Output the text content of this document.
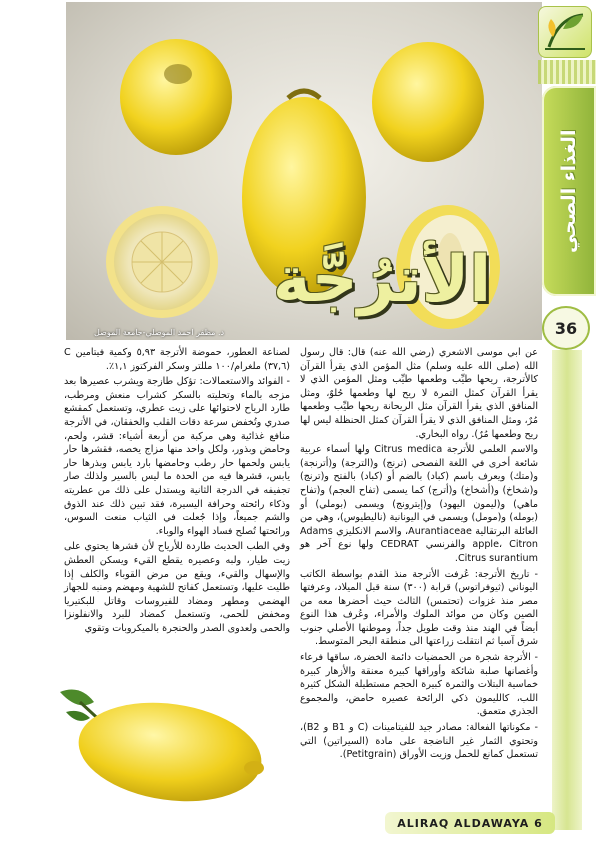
د. مظفر احمد الموصلي-جامعة الموصل
الأترُجَّة
الغذاء الصحي
36

عن ابي موسى الاشعري (رضي الله عنه) قال: قال رسول الله (صلى الله عليه وسلم) مثل المؤمن الذي يقرأ القرآن كالأترجة، ريحها طيِّب وطعمها طيِّب ومثل المؤمن الذي لا يقرأ القرآن كمثل التمرة لا ريح لها وطعمها حُلوٌ، ومثل المنافق الذي يقرأ القرآن مثل الريحانة ريحها طيِّب وطعمها مُرٌ، ومثل المنافق الذي لا يقرأ القرآن كمثل الحنظلة ليس لها ريح وطعمها مُرٌ). رواه البخاري.

والاسم العلمي للأترجة Citrus medica ولها أسماء عربية شائعة أخرى في اللغة الفصحى (ترنج) و(الترجة) و(أترنجة) و(متك) ويعرف باسم (كباد) بالضم أو (كباد) بالفتح و(ترنج) و(شخاخ) و(أشخاخ) و(أترج) كما يسمى (تفاح العجم) و(تفاح ماهي) و(ليمون اليهود) و(إيترونج) ويسمى (بوملي) أو (بومله) و(مومل) ويسمى في اليونانية (ناليطيوس)، وهي من العائلة البرتقالية Aurantiaceae، والاسم الانكليزي Adams apple، Citron والفرنسي CEDRAT ولها نوع آخر هو Citrus surantium.

- تاريخ الأترجة: عُرفت الأترجة منذ القدم بواسطة الكاتب اليوناني (ثيوفراتوس) قرابة (٣٠٠) سنة قبل الميلاد، وعرفتها مصر منذ غزوات (تحتمس) الثالث حيث أحضرها معه من الصين وكان من موائد الملوك والأمراء، وعُرف هذا النوع أيضاً في الهند منذ وقت طويل جداً، وموطنها الأصلي جنوب شرق آسيا ثم انتقلت زراعتها الى منطقة البحر المتوسط.

- الأترجة شجرة من الحمضيات دائمة الخضرة، ساقها فرعاء وأغصانها صلبة شائكة وأوراقها كبيرة معنقة والأزهار كبيرة خماسية البتلات والثمرة كبيرة الحجم مستطيلة الشكل كثيرة اللب، كالليمون ذكي الرائحة عصيره حامض، والمجموع الجذري متعمق.

- مكوناتها الفعالة: مصادر جيد للفيتامينات (C و B1 و B2)، وتحتوي الثمار غير الناضجة على مادة (السيراتين) التي تستعمل كمانع للحمل وزيت الأوراق (Petitgrain).

لصناعة العطور، حموضة الأترجة ٥,٩٣ وكمية فيتامين C (٣٧,٦) ملغرام/١٠٠ مللتر وسكر الفركتوز ١,١٪.

- الفوائد والاستعمالات: تؤكل طازجة ويشرب عصيرها بعد مزجه بالماء وتحليته بالسكر كشراب منعش ومرطب، طارد الرياح لاحتوائها على زيت عطري، وتستعمل كمقشع صدري وتُخفض سرعة دقات القلب والخفقان، في الأترجة منافع غذائية وهي مركبة من أربعة أشياء: قشر، ولحم، وحامض وبذور، ولكل واحد منها مزاج يخصه، فقشرها حار يابس ولحمها حار رطب وحامضها بارد يابس وبذرها حار يابس، قشرها فيه من الحدة ما ليس بالسير ولذلك صار تجفيفه في الدرجة الثانية ويستدل على ذلك من عطريته وذكاء رائحته وحرافة اليسيرة، فقد تبين ذلك عند الذوق والشم جميعاً، وإذا جُعلت في الثياب منعت السوس، ورائحتها تُصلح فساد الهواء والوباء.

وفي الطب الحديث طاردة للأرياح لأن قشرها يحتوي على زيت طيار، ولبه وعصيره يقطع القيء ويسكن العطش والإسهال والقيء، ويقع من مرض القوباء والكلف إذا طليت عليها، وتستعمل كفاتح للشهية ومهضم ومنبه للجهاز الهضمي ومطهر ومضاد للفيروسات وقاتل للبكتيريا ومخفض للحمى، وتستعمل كمضاد للبرد والانفلونزا والحمى ولعدوى الصدر والحنجرة بالميكروبات وتقوي

ALIRAQ ALDAWAYA 6
